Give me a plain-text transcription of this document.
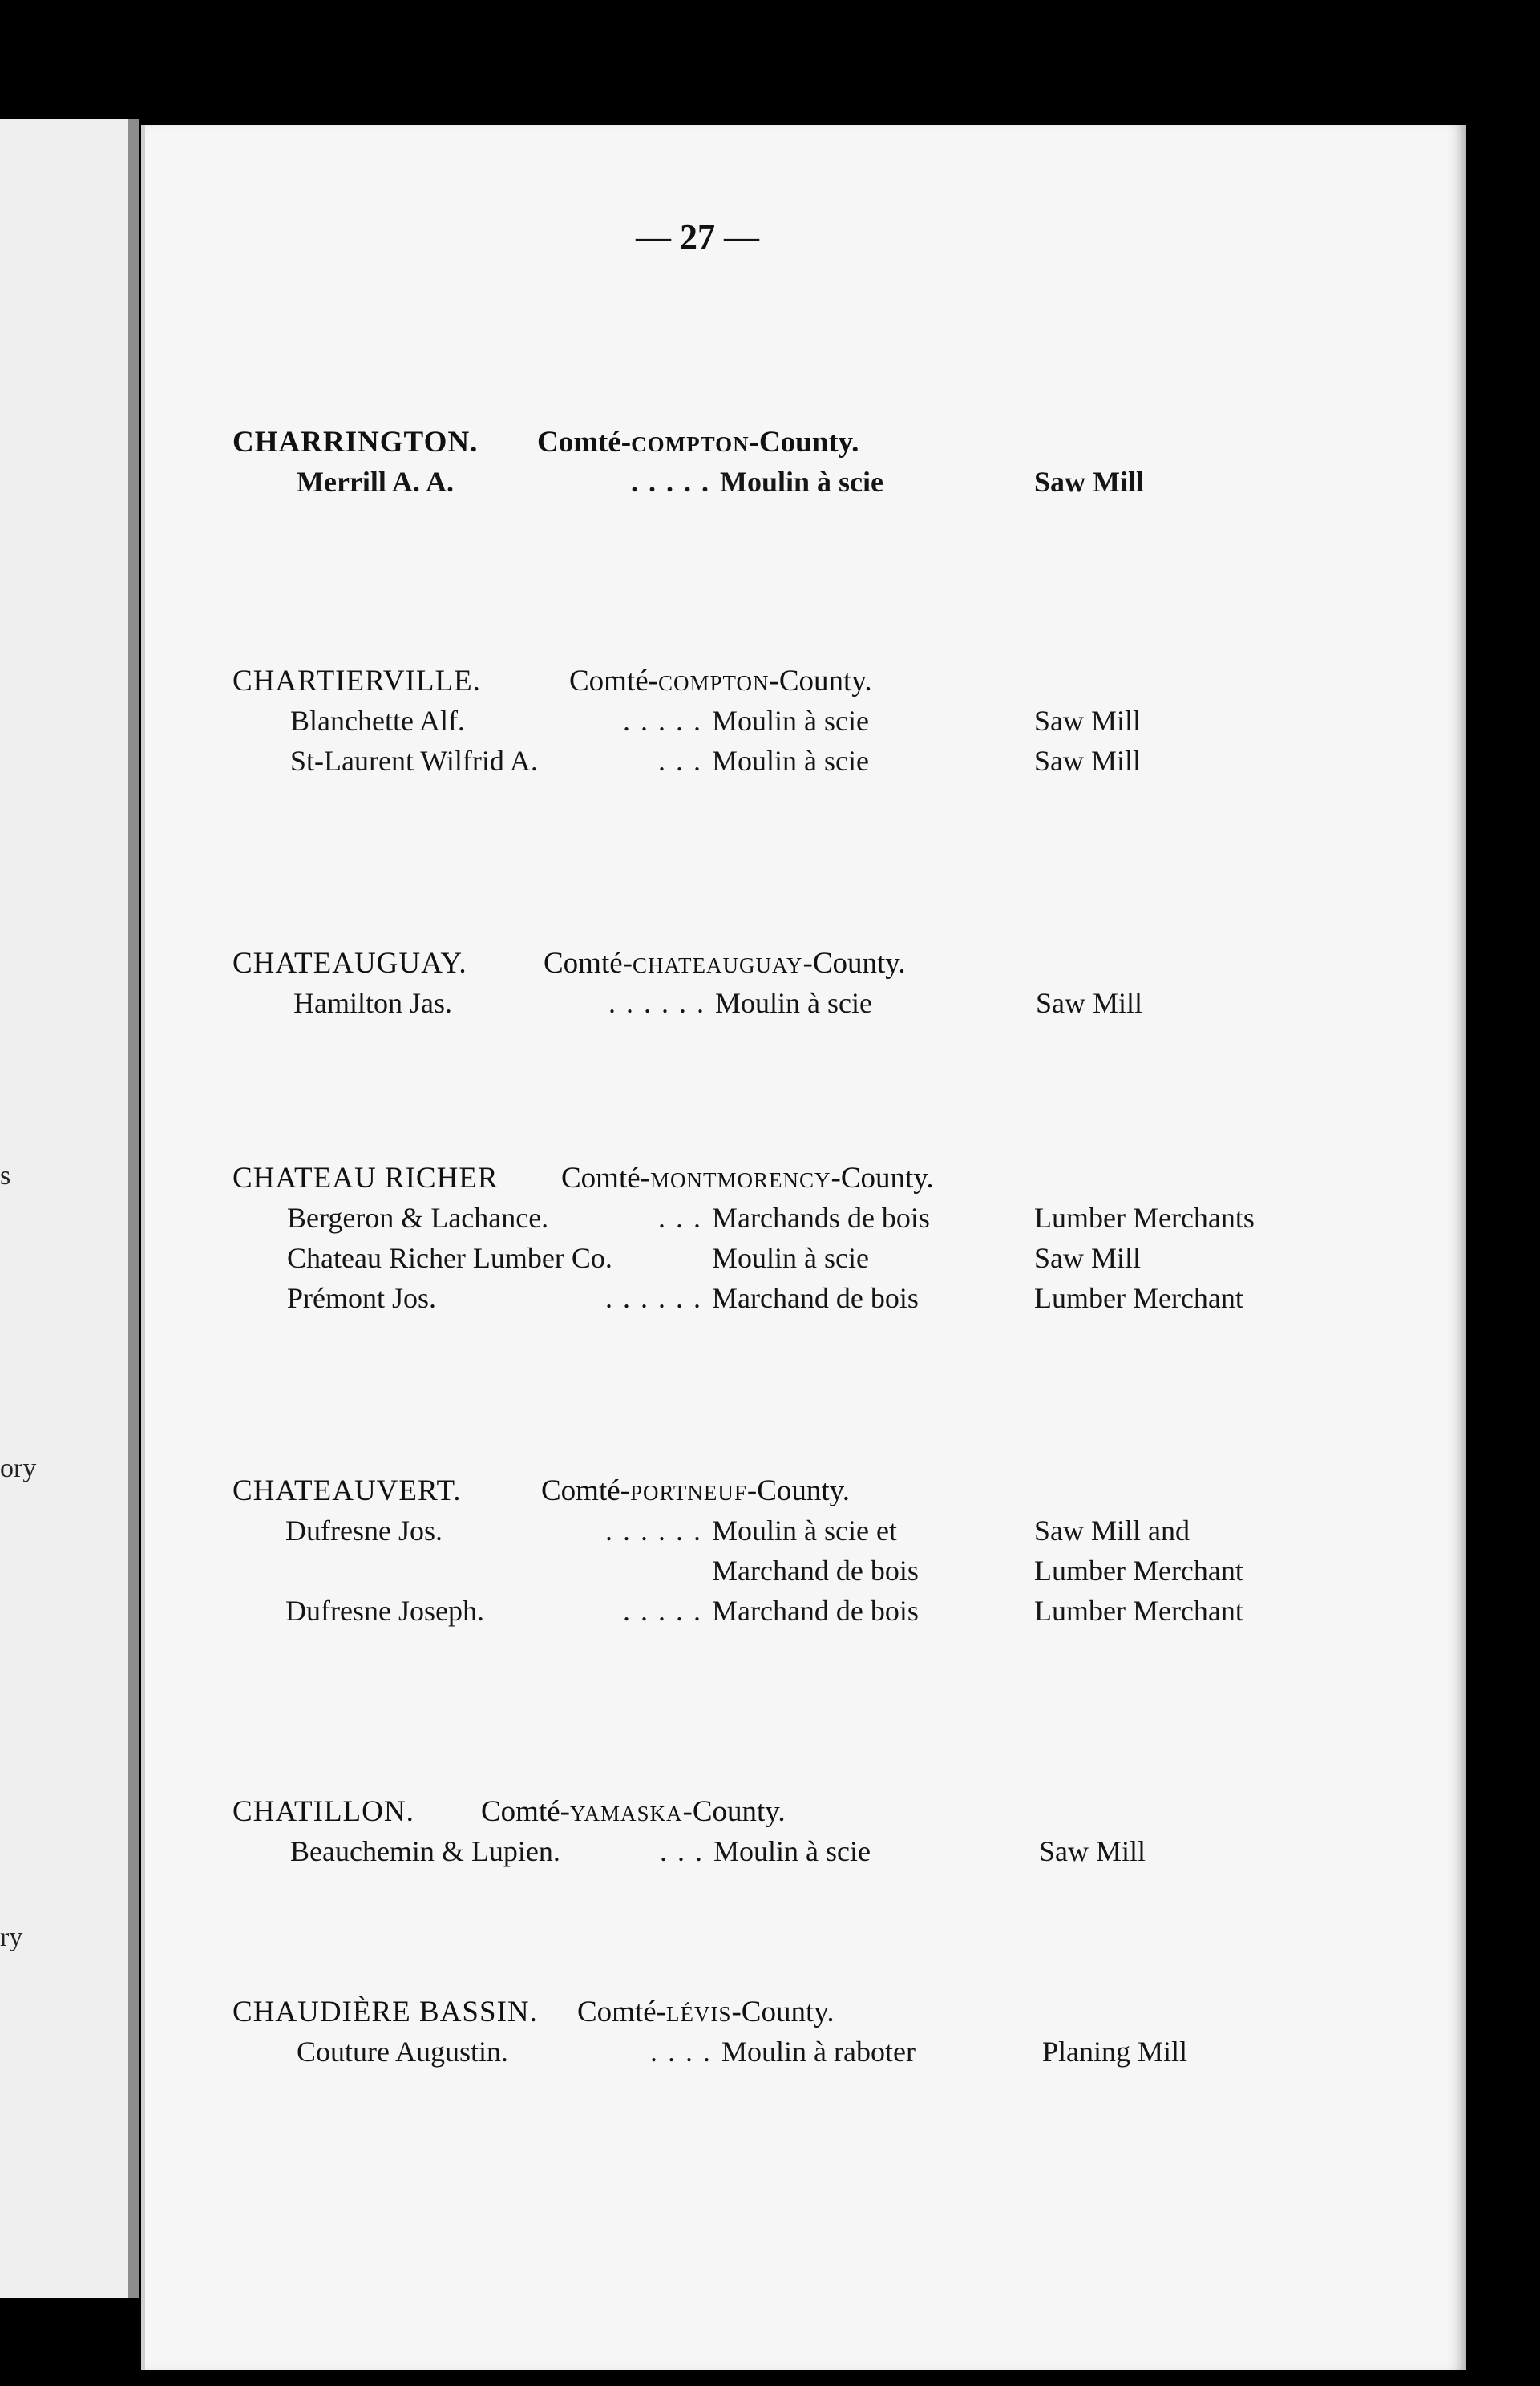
s
ory
ry
— 27 —
CHARRINGTON. Comté-COMPTON-County.
Merrill A. A.	. . . . . Moulin à scie	Saw Mill
CHARTIERVILLE.	Comté-COMPTON-County.
Blanchette Alf.	. . . . . Moulin à scie	Saw Mill
St-Laurent Wilfrid A.	. . . Moulin à scie	Saw Mill
CHATEAUGUAY.	Comté-CHATEAUGUAY-County.
Hamilton Jas.	. . . . . . Moulin à scie	Saw Mill
CHATEAU RICHER Comté-MONTMORENCY-County.
Bergeron & Lachance.	. . . Marchands de bois	Lumber Merchants
Chateau Richer Lumber Co.	Moulin à scie	Saw Mill
Prémont Jos.	. . . . . . Marchand de bois	Lumber Merchant
CHATEAUVERT.	Comté-PORTNEUF-County.
Dufresne Jos.	. . . . . . Moulin à scie et	Saw Mill and
Marchand de bois	Lumber Merchant
Dufresne Joseph.	. . . . . Marchand de bois	Lumber Merchant
CHATILLON. Comté-YAMASKA-County.
Beauchemin & Lupien.	. . . Moulin à scie	Saw Mill
CHAUDIÈRE BASSIN. Comté-LÉVIS-County.
Couture Augustin.	. . . . Moulin à raboter	Planing Mill
